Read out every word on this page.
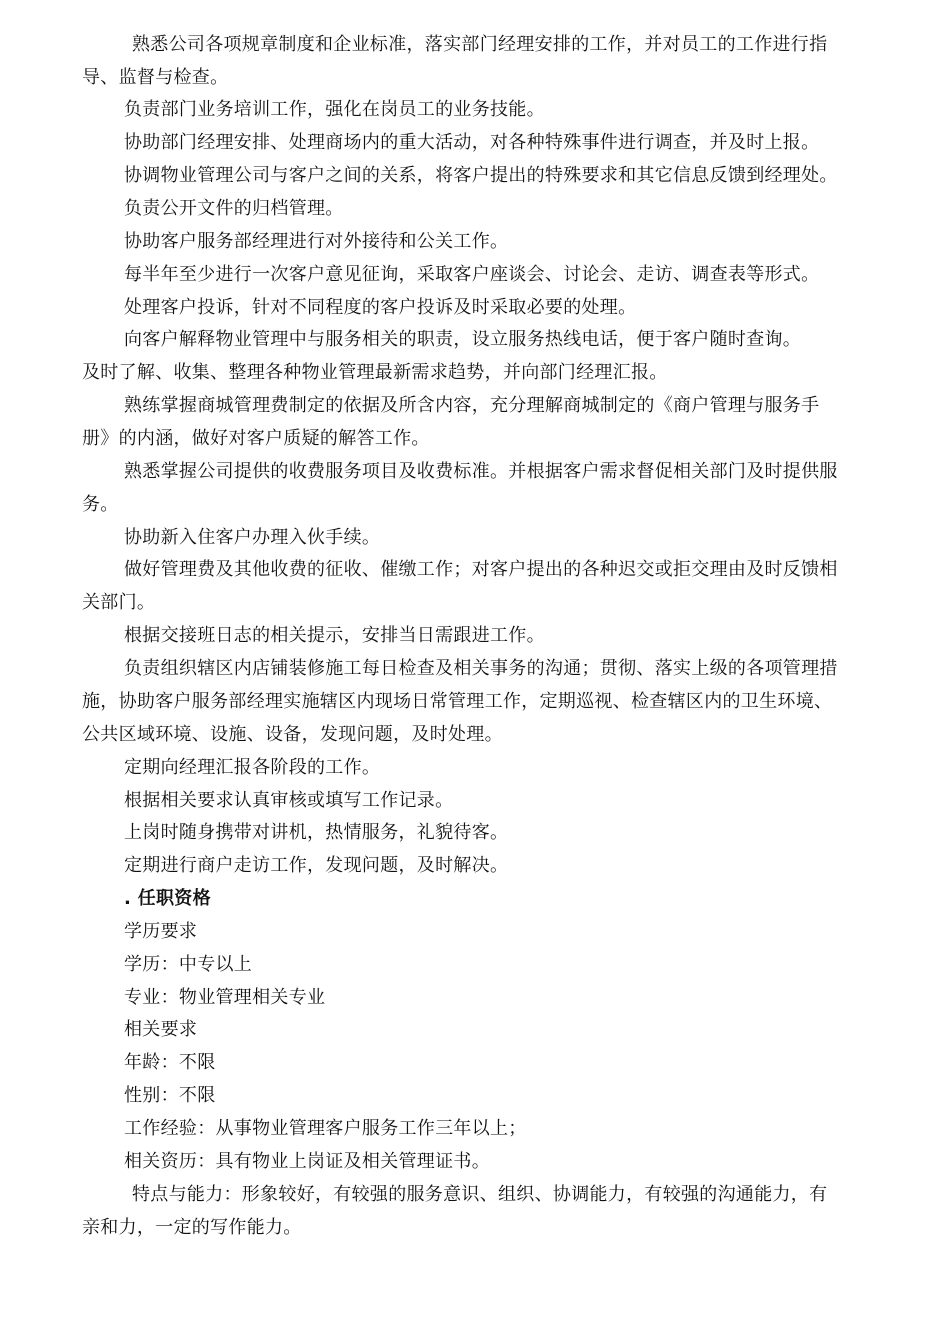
熟悉公司各项规章制度和企业标准，落实部门经理安排的工作，并对员工的工作进行指
导、监督与检查。
负责部门业务培训工作，强化在岗员工的业务技能。
协助部门经理安排、处理商场内的重大活动，对各种特殊事件进行调查，并及时上报。
协调物业管理公司与客户之间的关系，将客户提出的特殊要求和其它信息反馈到经理处。
负责公开文件的归档管理。
协助客户服务部经理进行对外接待和公关工作。
每半年至少进行一次客户意见征询，采取客户座谈会、讨论会、走访、调查表等形式。
处理客户投诉，针对不同程度的客户投诉及时采取必要的处理。
向客户解释物业管理中与服务相关的职责，设立服务热线电话，便于客户随时查询。
及时了解、收集、整理各种物业管理最新需求趋势，并向部门经理汇报。
熟练掌握商城管理费制定的依据及所含内容，充分理解商城制定的《商户管理与服务手
册》的内涵，做好对客户质疑的解答工作。
熟悉掌握公司提供的收费服务项目及收费标准。并根据客户需求督促相关部门及时提供服
务。
协助新入住客户办理入伙手续。
做好管理费及其他收费的征收、催缴工作；对客户提出的各种迟交或拒交理由及时反馈相
关部门。
根据交接班日志的相关提示，安排当日需跟进工作。
负责组织辖区内店铺装修施工每日检查及相关事务的沟通；贯彻、落实上级的各项管理措
施，协助客户服务部经理实施辖区内现场日常管理工作，定期巡视、检查辖区内的卫生环境、
公共区域环境、设施、设备，发现问题，及时处理。
定期向经理汇报各阶段的工作。
根据相关要求认真审核或填写工作记录。
上岗时随身携带对讲机，热情服务，礼貌待客。
定期进行商户走访工作，发现问题，及时解决。
. 任职资格
学历要求
学历：中专以上
专业：物业管理相关专业
相关要求
年龄：不限
性别：不限
工作经验：从事物业管理客户服务工作三年以上；
相关资历：具有物业上岗证及相关管理证书。
特点与能力：形象较好，有较强的服务意识、组织、协调能力，有较强的沟通能力，有
亲和力，一定的写作能力。
